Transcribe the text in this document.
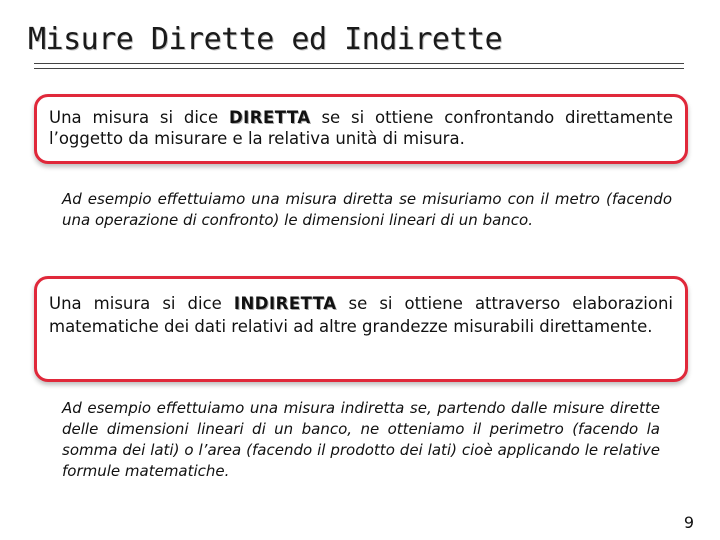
Misure Dirette ed Indirette

Una misura si dice DIRETTA se si ottiene confrontando direttamente l’oggetto da misurare e la relativa unità di misura.

Ad esempio effettuiamo una misura diretta se misuriamo con il metro (facendo una operazione di confronto) le dimensioni lineari di un banco.

Una misura si dice INDIRETTA se si ottiene attraverso elaborazioni matematiche dei dati relativi ad altre grandezze misurabili direttamente.

Ad esempio effettuiamo una misura indiretta se, partendo dalle misure dirette delle dimensioni lineari di un banco, ne otteniamo il perimetro (facendo la somma dei lati) o l’area (facendo il prodotto dei lati) cioè applicando le relative formule matematiche.

9
